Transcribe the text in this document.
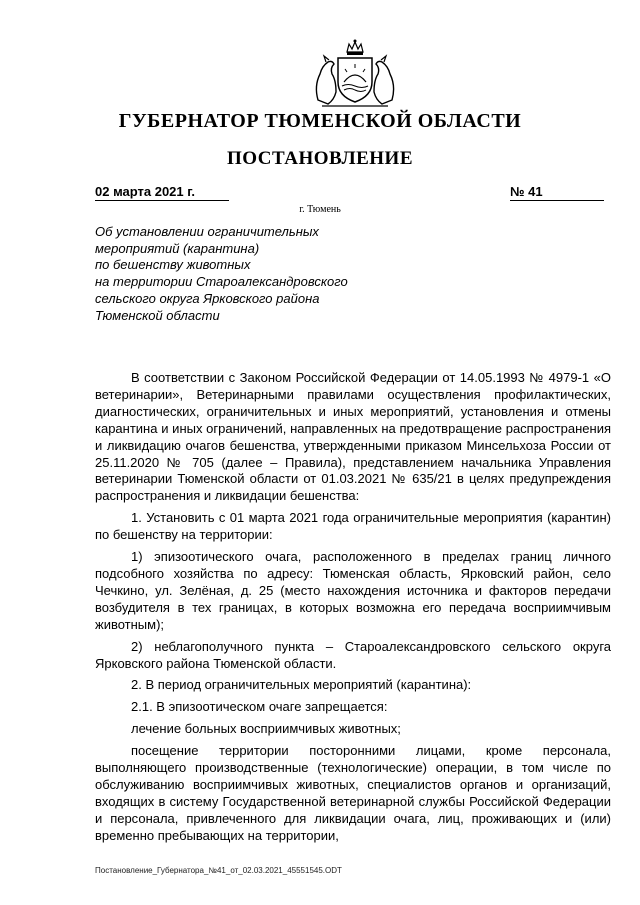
ГУБЕРНАТОР ТЮМЕНСКОЙ ОБЛАСТИ
ПОСТАНОВЛЕНИЕ
02 марта 2021 г.	№ 41
г. Тюмень
Об установлении ограничительных
мероприятий (карантина)
по бешенству животных
на территории Староалександровского
сельского округа Ярковского района
Тюменской области

В соответствии с Законом Российской Федерации от 14.05.1993 № 4979-1 «О ветеринарии», Ветеринарными правилами осуществления профилактических, диагностических, ограничительных и иных мероприятий, установления и отмены карантина и иных ограничений, направленных на предотвращение распространения и ликвидацию очагов бешенства, утвержденными приказом Минсельхоза России от 25.11.2020 № 705 (далее – Правила), представлением начальника Управления ветеринарии Тюменской области от 01.03.2021 № 635/21 в целях предупреждения распространения и ликвидации бешенства:

1. Установить с 01 марта 2021 года ограничительные мероприятия (карантин) по бешенству на территории:

1) эпизоотического очага, расположенного в пределах границ личного подсобного хозяйства по адресу: Тюменская область, Ярковский район, село Чечкино, ул. Зелёная, д. 25 (место нахождения источника и факторов передачи возбудителя в тех границах, в которых возможна его передача восприимчивым животным);

2) неблагополучного пункта – Староалександровского сельского округа Ярковского района Тюменской области.

2. В период ограничительных мероприятий (карантина):

2.1. В эпизоотическом очаге запрещается:

лечение больных восприимчивых животных;

посещение территории посторонними лицами, кроме персонала, выполняющего производственные (технологические) операции, в том числе по обслуживанию восприимчивых животных, специалистов органов и организаций, входящих в систему Государственной ветеринарной службы Российской Федерации и персонала, привлеченного для ликвидации очага, лиц, проживающих и (или) временно пребывающих на территории,

Постановление_Губернатора_№41_от_02.03.2021_45551545.ODT
